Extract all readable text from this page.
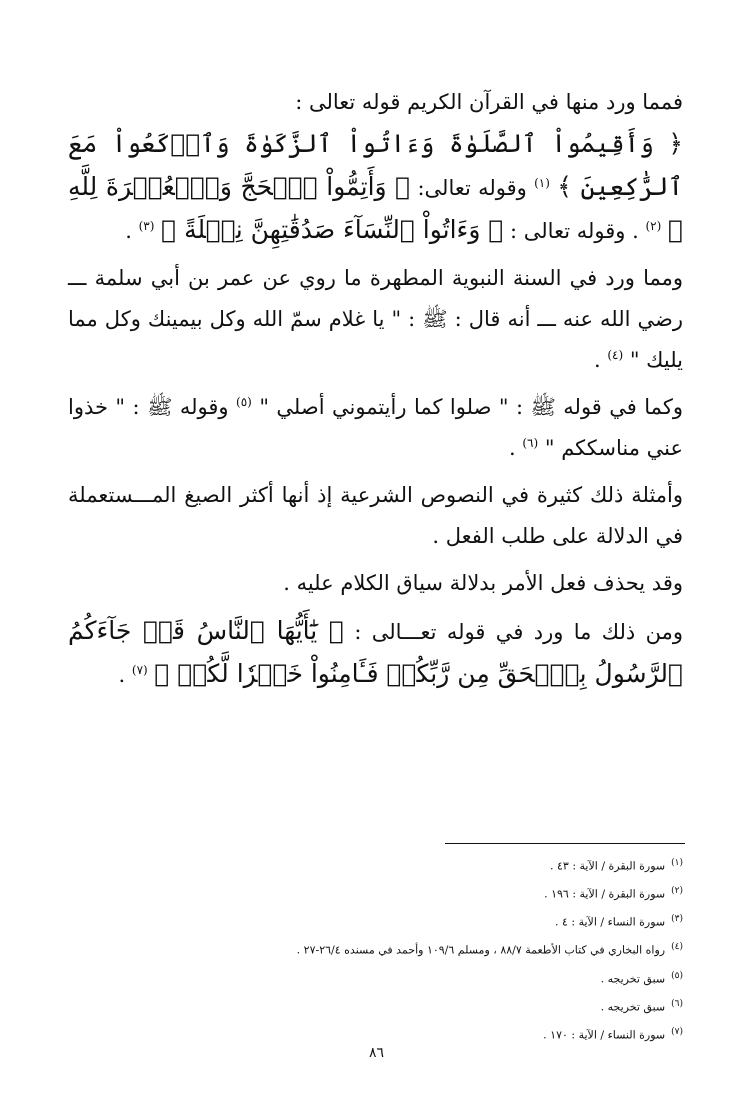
فمما ورد منها في القرآن الكريم قوله تعالى :
﴿ وَأَقِيمُواْ ٱلصَّلَوٰةَ وَءَاتُواْ ٱلزَّكَوٰةَ وَٱرۡكَعُواْ مَعَ ٱلرَّٰكِعِينَ ﴾ $^{(١)}$ وقوله تعالى: ﴿ وَأَتِمُّواْ ٱلۡحَجَّ وَٱلۡعُمۡرَةَ لِلَّهِ ﴾ $^{(٢)}$ . وقوله تعالى : ﴿ وَءَاتُواْ ٱلنِّسَآءَ صَدُقَٰتِهِنَّ نِحۡلَةً ﴾ $^{(٣)}$ .

ومما ورد في السنة النبوية المطهرة ما روي عن عمر بن أبي سلمة ـــ رضي الله عنه ـــ أنه قال : ﷺ : " يا غلام سمّ الله وكل بيمينك وكل مما يليك " $^{(٤)}$ .

وكما في قوله ﷺ : " صلوا كما رأيتموني أصلي " $^{(٥)}$ وقوله ﷺ : " خذوا عني مناسككم " $^{(٦)}$ .

وأمثلة ذلك كثيرة في النصوص الشرعية إذ أنها أكثر الصيغ المـــستعملة في الدلالة على طلب الفعل .

وقد يحذف فعل الأمر بدلالة سياق الكلام عليه .

ومن ذلك ما ورد في قوله تعـــالى : ﴿ يَٰٓأَيُّهَا ٱلنَّاسُ قَدۡ جَآءَكُمُ ٱلرَّسُولُ بِٱلۡحَقِّ مِن رَّبِّكُمۡ فَـَٔامِنُواْ خَيۡرٗا لَّكُمۡ ﴾ $^{(٧)}$ .

$^{(١)}$سورة البقرة / الآية : ٤٣ .
$^{(٢)}$سورة البقرة / الآية : ١٩٦ .
$^{(٣)}$سورة النساء / الآية : ٤ .
$^{(٤)}$رواه البخاري في كتاب الأطعمة ٨٨/٧ ، ومسلم ١٠٩/٦ وأحمد في مسنده ٢٦/٤-٢٧ .
$^{(٥)}$سبق تخريجه .
$^{(٦)}$سبق تخريجه .
$^{(٧)}$سورة النساء / الآية : ١٧٠ .
٨٦
